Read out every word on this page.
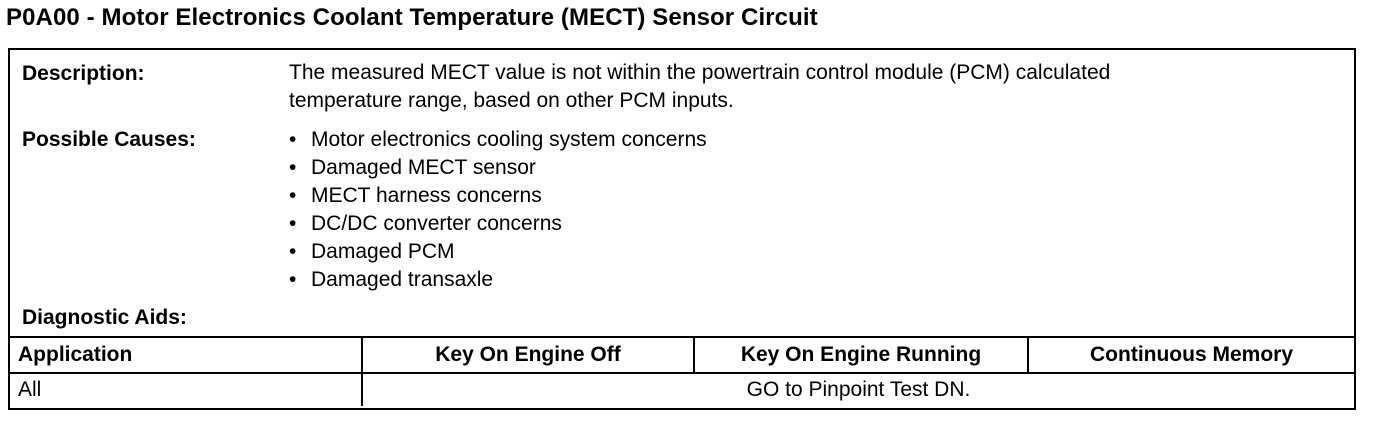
P0A00 - Motor Electronics Coolant Temperature (MECT) Sensor Circuit
Description:	The measured MECT value is not within the powertrain control module (PCM) calculated
temperature range, based on other PCM inputs.
Possible Causes:	• Motor electronics cooling system concerns
• Damaged MECT sensor
• MECT harness concerns
• DC/DC converter concerns
• Damaged PCM
• Damaged transaxle
Diagnostic Aids:
Application	Key On Engine Off	Key On Engine Running	Continuous Memory
All	GO to Pinpoint Test DN.		
